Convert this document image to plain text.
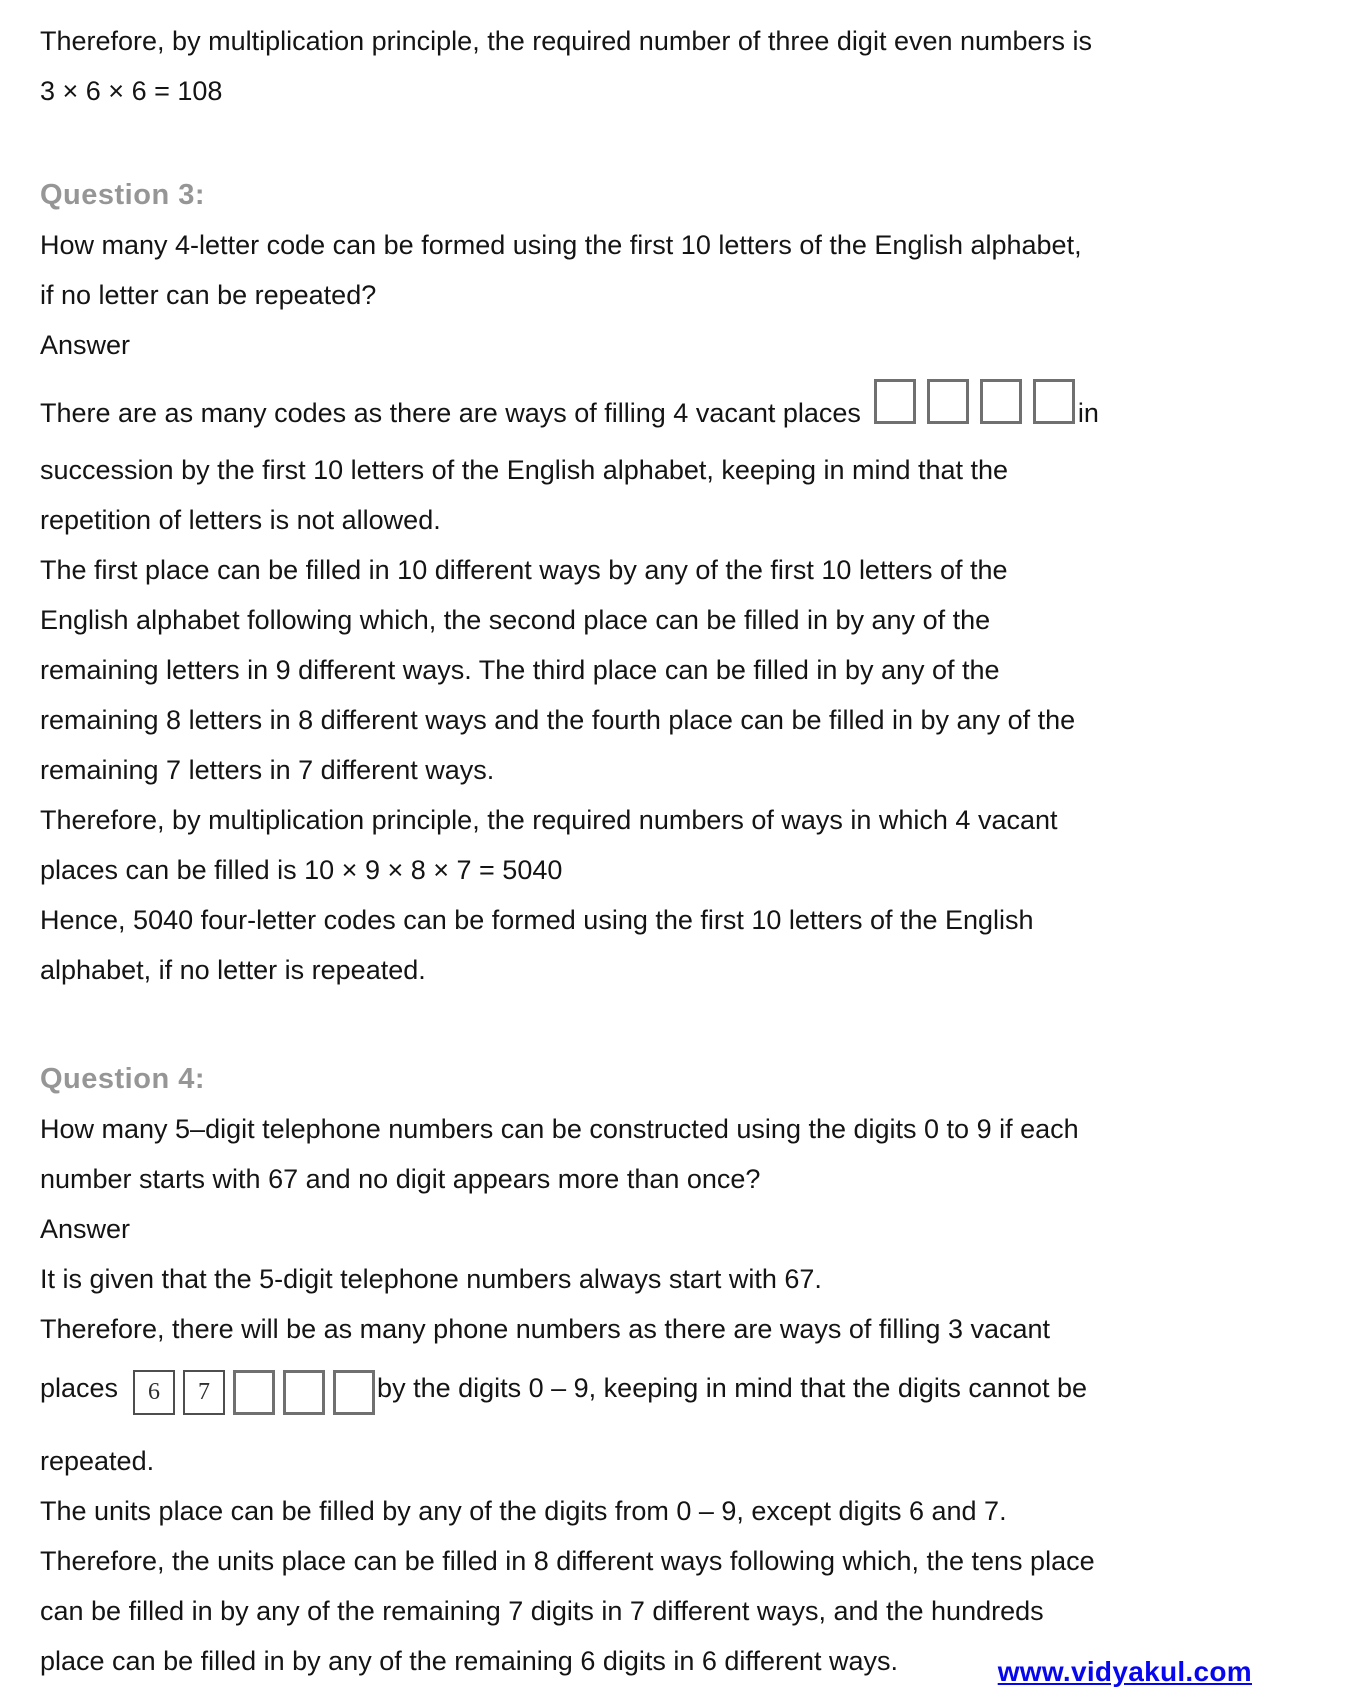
Therefore, by multiplication principle, the required number of three digit even numbers is
3 × 6 × 6 = 108
Question 3:
How many 4-letter code can be formed using the first 10 letters of the English alphabet,
if no letter can be repeated?
Answer
There are as many codes as there are ways of filling 4 vacant places	in
succession by the first 10 letters of the English alphabet, keeping in mind that the
repetition of letters is not allowed.
The first place can be filled in 10 different ways by any of the first 10 letters of the
English alphabet following which, the second place can be filled in by any of the
remaining letters in 9 different ways. The third place can be filled in by any of the
remaining 8 letters in 8 different ways and the fourth place can be filled in by any of the
remaining 7 letters in 7 different ways.
Therefore, by multiplication principle, the required numbers of ways in which 4 vacant
places can be filled is 10 × 9 × 8 × 7 = 5040
Hence, 5040 four-letter codes can be formed using the first 10 letters of the English
alphabet, if no letter is repeated.
Question 4:
How many 5–digit telephone numbers can be constructed using the digits 0 to 9 if each
number starts with 67 and no digit appears more than once?
Answer
It is given that the 5-digit telephone numbers always start with 67.
Therefore, there will be as many phone numbers as there are ways of filling 3 vacant
places	6	7	by the digits 0 – 9, keeping in mind that the digits cannot be
repeated.
The units place can be filled by any of the digits from 0 – 9, except digits 6 and 7.
Therefore, the units place can be filled in 8 different ways following which, the tens place
can be filled in by any of the remaining 7 digits in 7 different ways, and the hundreds
place can be filled in by any of the remaining 6 digits in 6 different ways.	www.vidyakul.com
